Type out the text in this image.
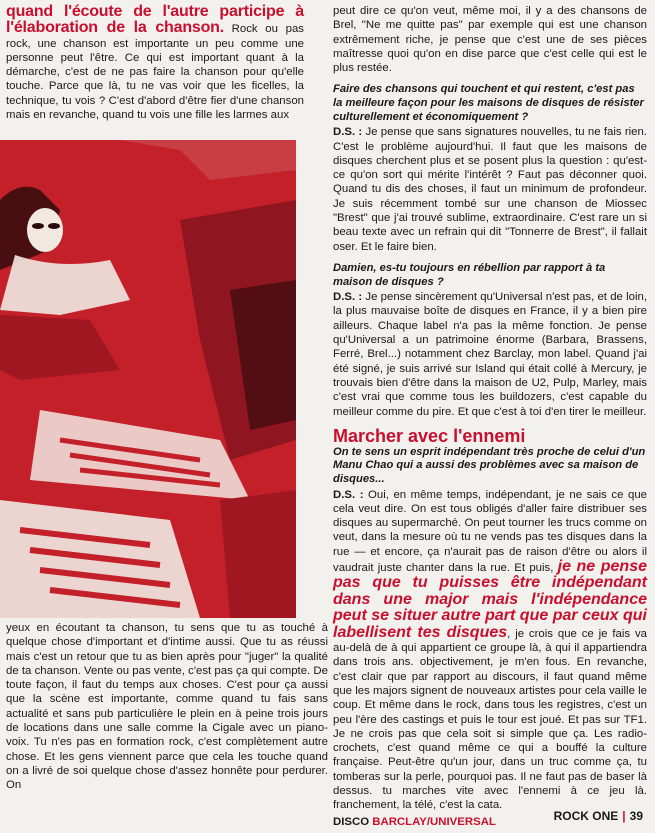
quand l'écoute de l'autre participe à l'élaboration de la chanson. Rock ou pas rock, une chanson est importante un peu comme une personne peut l'être. Ce qui est important quant à la démarche, c'est de ne pas faire la chanson pour qu'elle touche. Parce que là, tu ne vas voir que les ficelles, la technique, tu vois ? C'est d'abord d'être fier d'une chanson mais en revanche, quand tu vois une fille les larmes aux

yeux en écoutant ta chanson, tu sens que tu as touché à quelque chose d'important et d'intime aussi. Que tu as réussi mais c'est un retour que tu as bien après pour "juger" la qualité de ta chanson. Vente ou pas vente, c'est pas ça qui compte. De toute façon, il faut du temps aux choses. C'est pour ça aussi que la scène est importante, comme quand tu fais sans actualité et sans pub particulière le plein en à peine trois jours de locations dans une salle comme la Cigale avec un piano-voix. Tu n'es pas en formation rock, c'est complètement autre chose. Et les gens viennent parce que cela les touche quand on a livré de soi quelque chose d'assez honnête pour perdurer. On

peut dire ce qu'on veut, même moi, il y a des chansons de Brel, "Ne me quitte pas" par exemple qui est une chanson extrêmement riche, je pense que c'est une de ses pièces maîtresse quoi qu'on en dise parce que c'est celle qui est le plus restée.

Faire des chansons qui touchent et qui restent, c'est pas la meilleure façon pour les maisons de disques de résister culturellement et économiquement ?

D.S. : Je pense que sans signatures nouvelles, tu ne fais rien. C'est le problème aujourd'hui. Il faut que les maisons de disques cherchent plus et se posent plus la question : qu'est-ce qu'on sort qui mérite l'intérêt ? Faut pas déconner quoi. Quand tu dis des choses, il faut un minimum de profondeur. Je suis récemment tombé sur une chanson de Miossec "Brest" que j'ai trouvé sublime, extraordinaire. C'est rare un si beau texte avec un refrain qui dit "Tonnerre de Brest", il fallait oser. Et le faire bien.

Damien, es-tu toujours en rébellion par rapport à ta maison de disques ?

D.S. : Je pense sincèrement qu'Universal n'est pas, et de loin, la plus mauvaise boîte de disques en France, il y a bien pire ailleurs. Chaque label n'a pas la même fonction. Je pense qu'Universal a un patrimoine énorme (Barbara, Brassens, Ferré, Brel...) notamment chez Barclay, mon label. Quand j'ai été signé, je suis arrivé sur Island qui était collé à Mercury, je trouvais bien d'être dans la maison de U2, Pulp, Marley, mais c'est vrai que comme tous les buildozers, c'est capable du meilleur comme du pire. Et que c'est à toi d'en tirer le meilleur.

Marcher avec l'ennemi

On te sens un esprit indépendant très proche de celui d'un Manu Chao qui a aussi des problèmes avec sa maison de disques...

D.S. : Oui, en même temps, indépendant, je ne sais ce que cela veut dire. On est tous obligés d'aller faire distribuer ses disques au supermarché. On peut tourner les trucs comme on veut, dans la mesure où tu ne vends pas tes disques dans la rue — et encore, ça n'aurait pas de raison d'être ou alors il vaudrait juste chanter dans la rue. Et puis, je ne pense pas que tu puisses être indépendant dans une major mais l'indépendance peut se situer autre part que par ceux qui labellisent tes disques, je crois que ce je fais va au-delà de à qui appartient ce groupe là, à qui il appartiendra dans trois ans. objectivement, je m'en fous. En revanche, c'est clair que par rapport au discours, il faut quand même que les majors signent de nouveaux artistes pour cela vaille le coup. Et même dans le rock, dans tous les registres, c'est un peu l'ère des castings et puis le tour est joué. Et pas sur TF1. Je ne crois pas que cela soit si simple que ça. Les radio-crochets, c'est quand même ce qui a bouffé la culture française. Peut-être qu'un jour, dans un truc comme ça, tu tomberas sur la perle, pourquoi pas. Il ne faut pas de baser là dessus. tu marches vite avec l'ennemi à ce jeu là. franchement, la télé, c'est la cata.

DISCO BARCLAY/UNIVERSAL	ROCK ONE | 39
